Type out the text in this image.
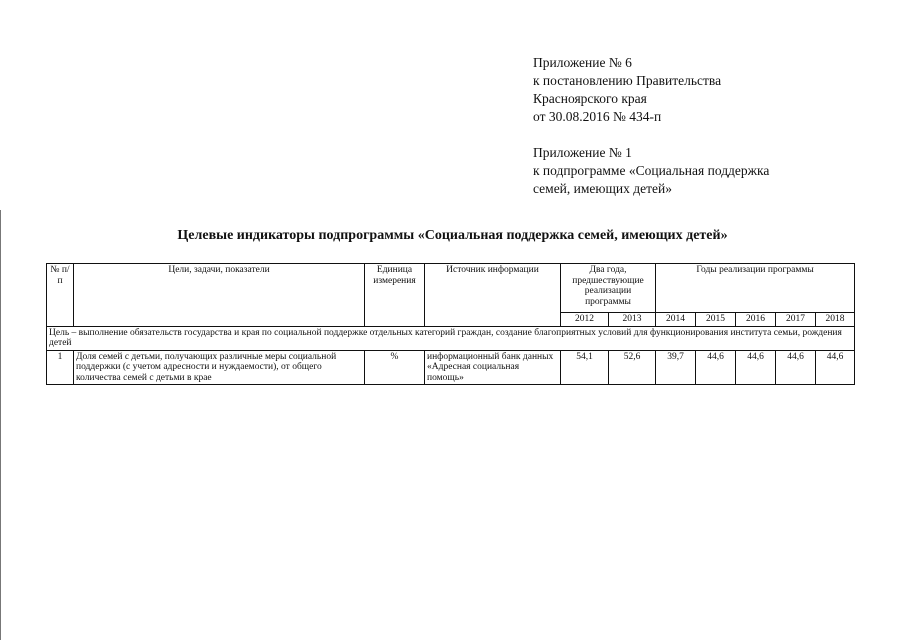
Приложение № 6
к постановлению Правительства
Красноярского края
от 30.08.2016 № 434-п
Приложение № 1
к подпрограмме «Социальная поддержка
семей, имеющих детей»
Целевые индикаторы подпрограммы «Социальная поддержка семей, имеющих детей»
№ п/п	Цели, задачи, показатели	Единица измерения	Источник информации	Два года, предшествующие реализации программы		Годы реализации программы				
				2012	2013	2014	2015	2016	2017	2018
Цель – выполнение обязательств государства и края по социальной поддержке отдельных категорий граждан, создание благоприятных условий для функционирования института семьи, рождения детей										
1	Доля семей с детьми, получающих различные меры социальной поддержки (с учетом адресности и нуждаемости), от общего количества семей с детьми в крае	%	информационный банк данных «Адресная социальная помощь»	54,1	52,6	39,7	44,6	44,6	44,6	44,6
